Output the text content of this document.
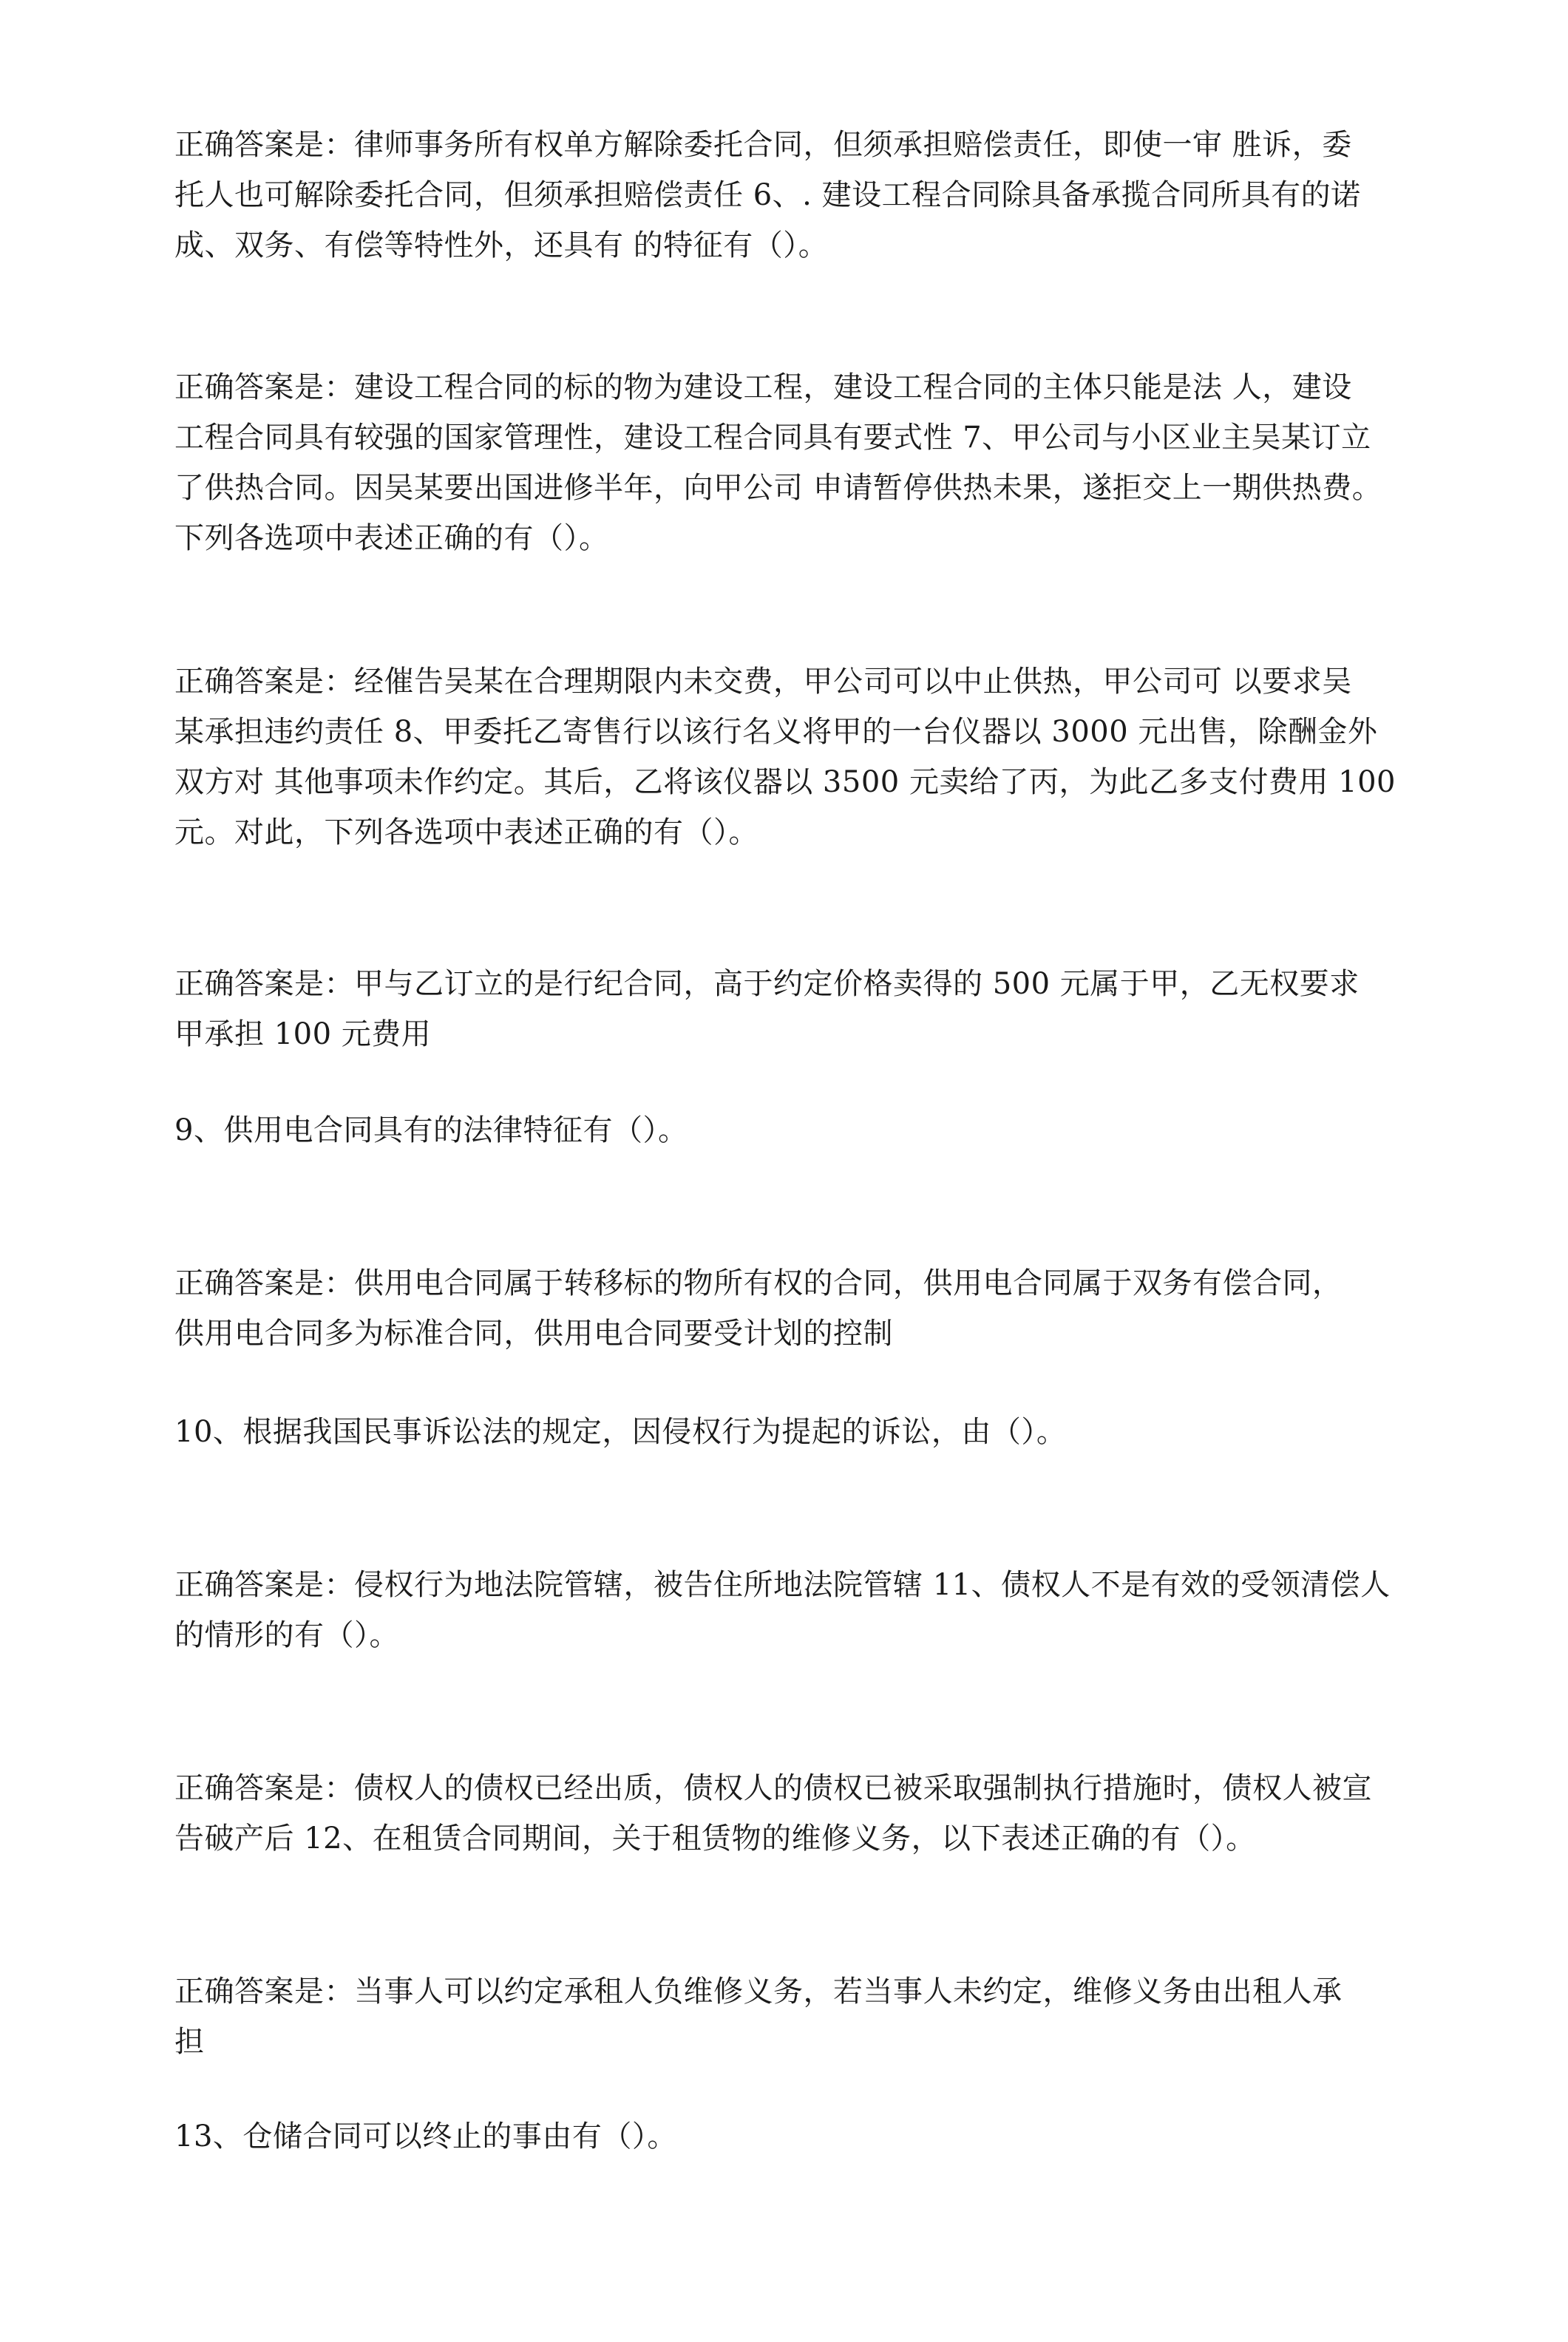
正确答案是：律师事务所有权单方解除委托合同，但须承担赔偿责任，即使一审 胜诉，委
托人也可解除委托合同，但须承担赔偿责任 6、. 建设工程合同除具备承揽合同所具有的诺
成、双务、有偿等特性外，还具有 的特征有（）。
正确答案是：建设工程合同的标的物为建设工程，建设工程合同的主体只能是法 人，建设
工程合同具有较强的国家管理性，建设工程合同具有要式性 7、甲公司与小区业主吴某订立
了供热合同。因吴某要出国进修半年，向甲公司 申请暂停供热未果，遂拒交上一期供热费。
下列各选项中表述正确的有（）。
正确答案是：经催告吴某在合理期限内未交费，甲公司可以中止供热，甲公司可 以要求吴
某承担违约责任 8、甲委托乙寄售行以该行名义将甲的一台仪器以 3000 元出售，除酬金外
双方对 其他事项未作约定。其后，乙将该仪器以 3500 元卖给了丙，为此乙多支付费用 100
元。对此，下列各选项中表述正确的有（）。
正确答案是：甲与乙订立的是行纪合同，高于约定价格卖得的 500 元属于甲，乙无权要求
甲承担 100 元费用
9、供用电合同具有的法律特征有（）。
正确答案是：供用电合同属于转移标的物所有权的合同，供用电合同属于双务有偿合同，
供用电合同多为标准合同，供用电合同要受计划的控制
10、根据我国民事诉讼法的规定，因侵权行为提起的诉讼，由（）。
正确答案是：侵权行为地法院管辖，被告住所地法院管辖 11、债权人不是有效的受领清偿人
的情形的有（）。
正确答案是：债权人的债权已经出质，债权人的债权已被采取强制执行措施时，债权人被宣
告破产后 12、在租赁合同期间，关于租赁物的维修义务，以下表述正确的有（）。
正确答案是：当事人可以约定承租人负维修义务，若当事人未约定，维修义务由出租人承
担
13、仓储合同可以终止的事由有（）。
